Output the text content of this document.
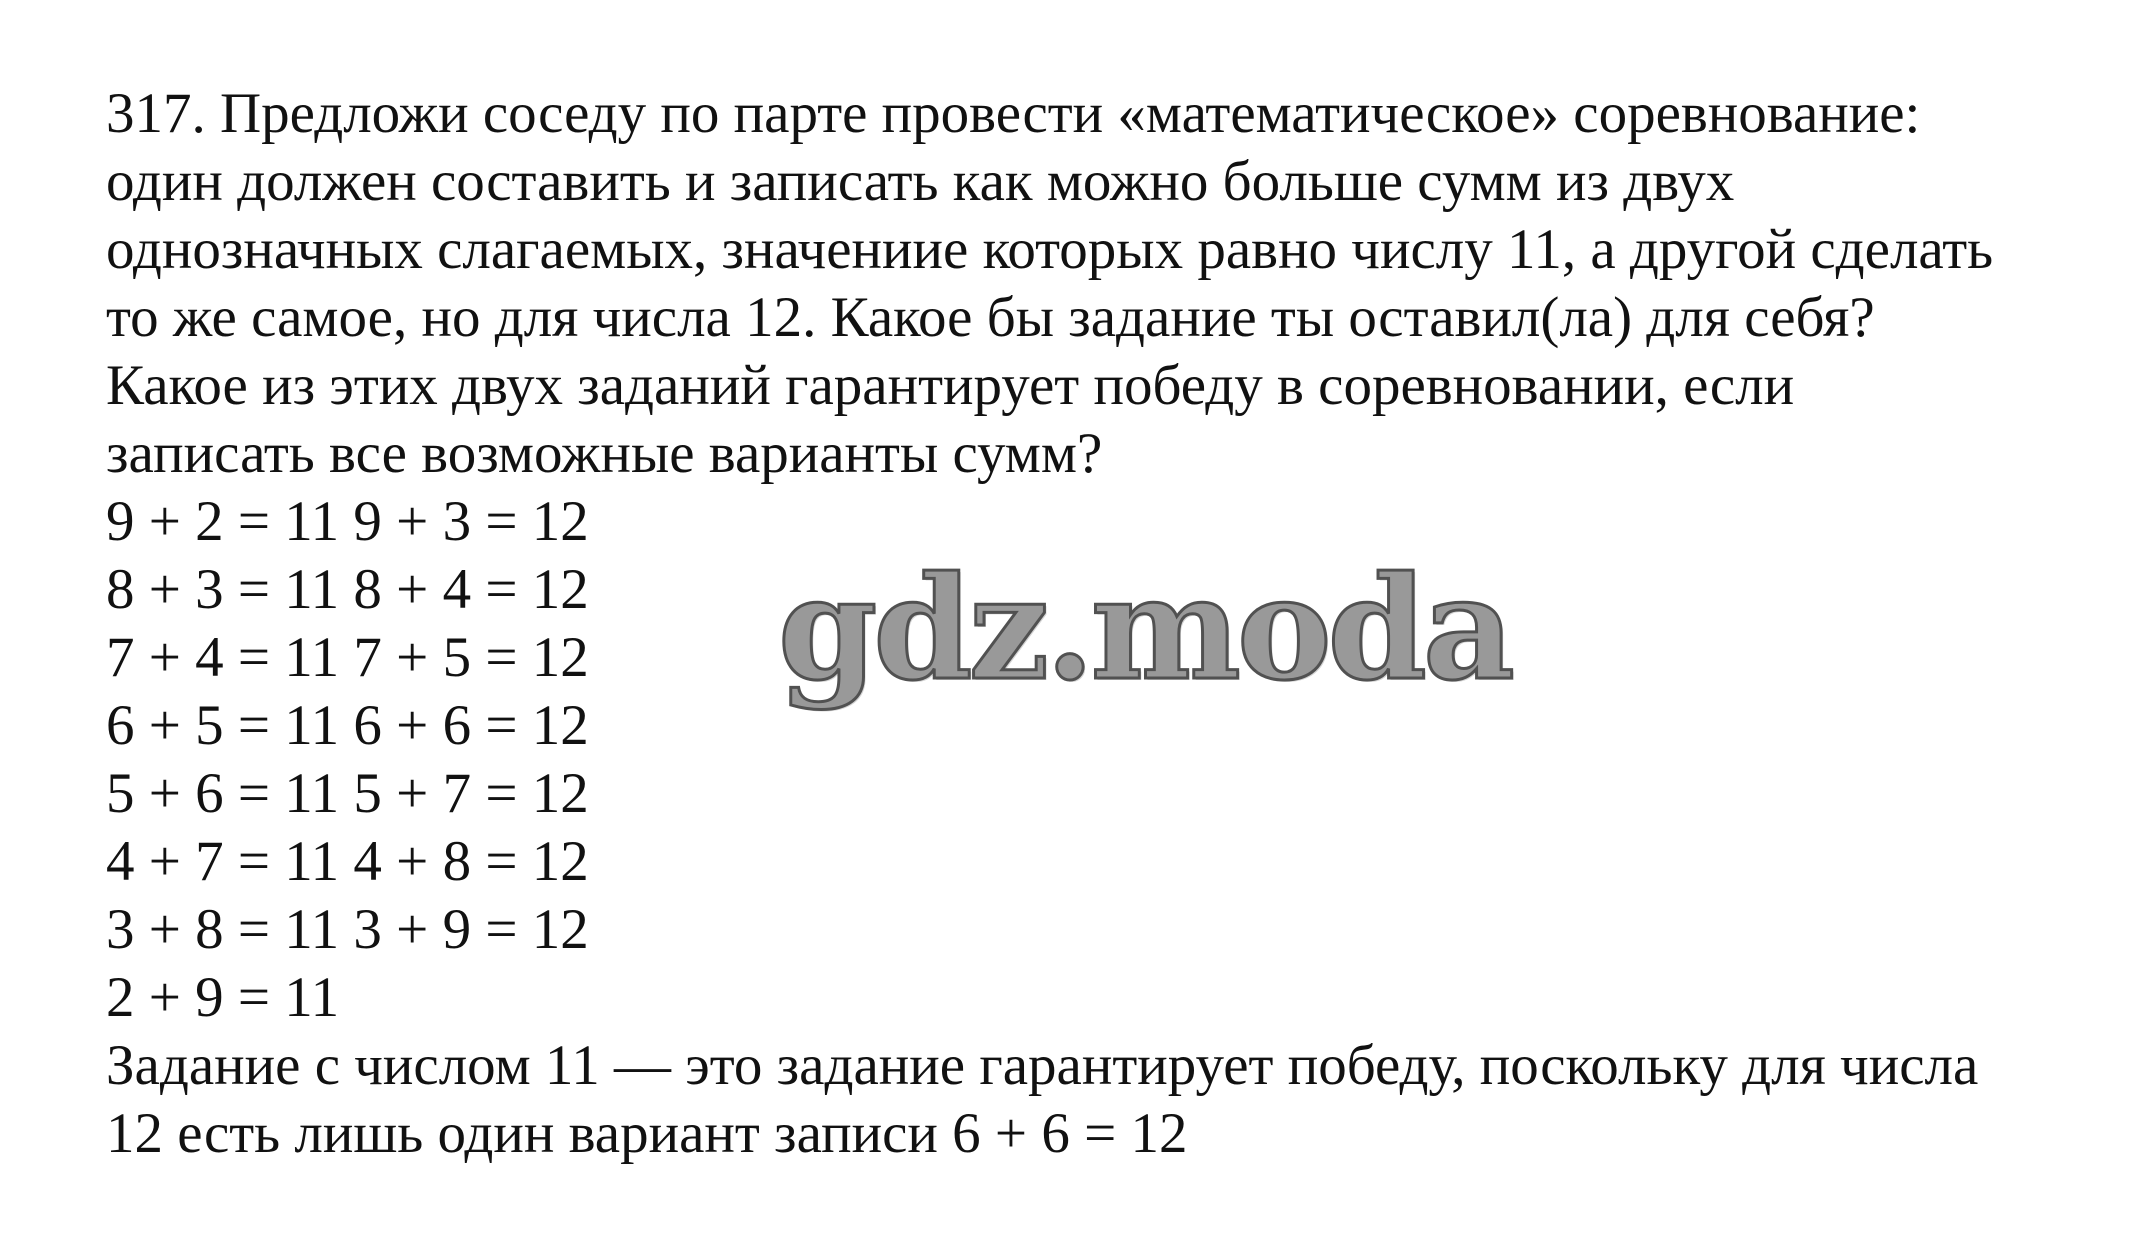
317. Предложи соседу по парте провести «математическое» соревнование:
один должен составить и записать как можно больше сумм из двух
однозначных слагаемых, значениие которых равно числу 11, а другой сделать
то же самое, но для числа 12. Какое бы задание ты оставил(ла) для себя?
Какое из этих двух заданий гарантирует победу в соревновании, если
записать все возможные варианты сумм?
9 + 2 = 11 9 + 3 = 12
8 + 3 = 11 8 + 4 = 12
7 + 4 = 11 7 + 5 = 12
6 + 5 = 11 6 + 6 = 12
5 + 6 = 11 5 + 7 = 12
4 + 7 = 11 4 + 8 = 12
3 + 8 = 11 3 + 9 = 12
2 + 9 = 11
Задание с числом 11 — это задание гарантирует победу, поскольку для числа
12 есть лишь один вариант записи 6 + 6 = 12
gdz.moda
